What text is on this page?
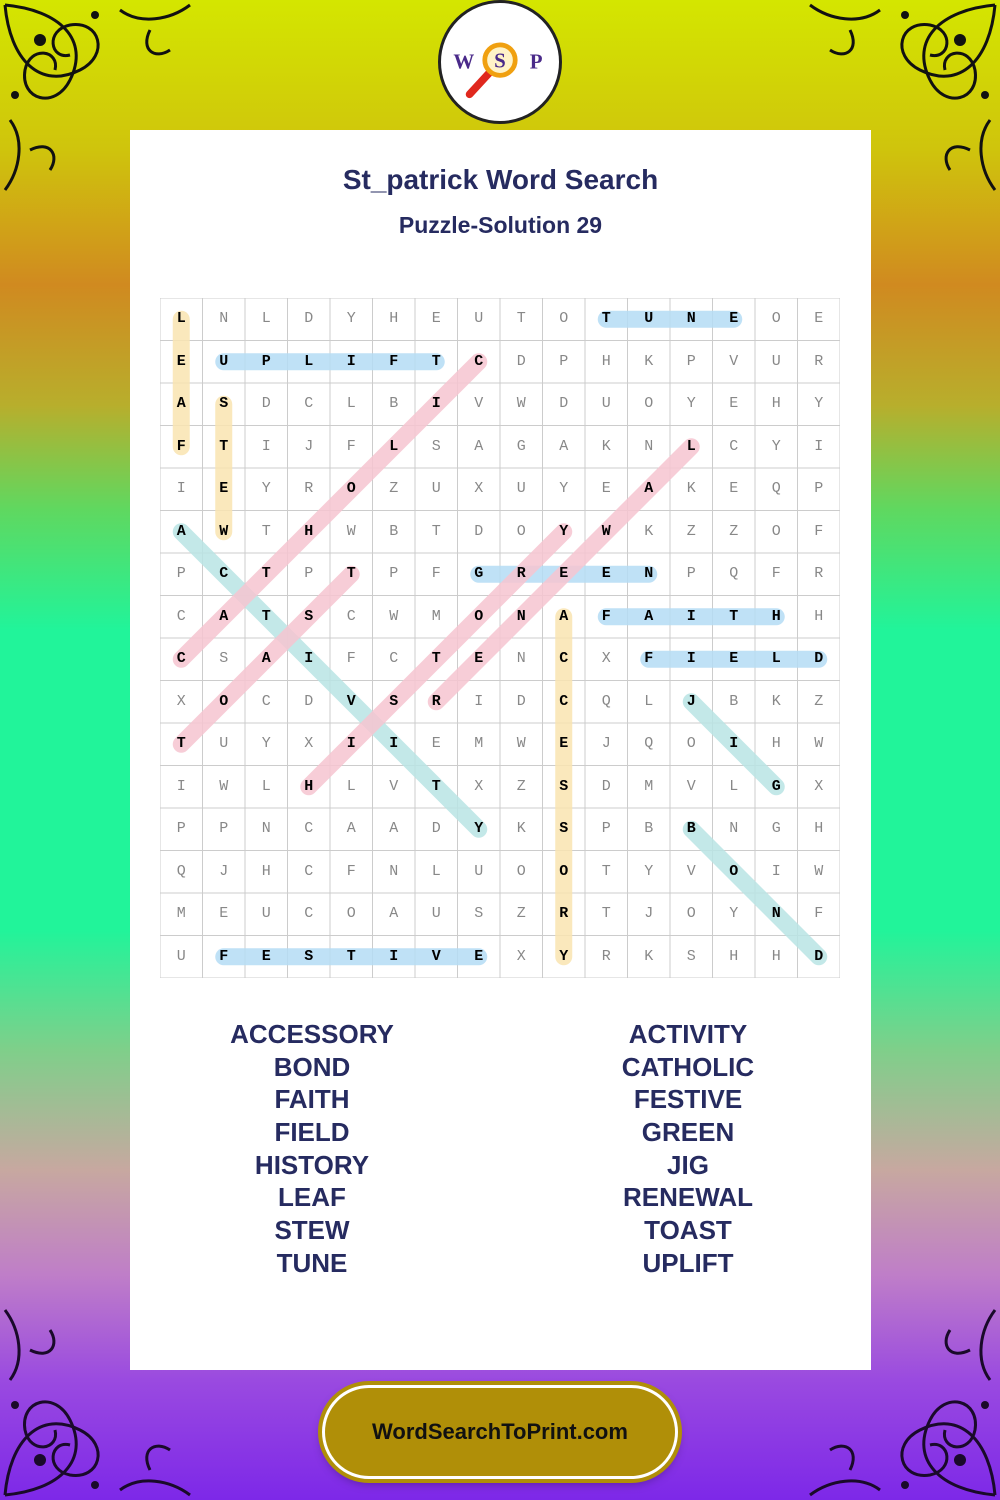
W S P
St_patrick Word Search
Puzzle-Solution 29
L	N	L	D	Y	H	E	U	T	O	T	U	N	E	O	E
E	U	P	L	I	F	T	C	D	P	H	K	P	V	U	R
A	S	D	C	L	B	I	V	W	D	U	O	Y	E	H	Y
F	T	I	J	F	L	S	A	G	A	K	N	L	C	Y	I
I	E	Y	R	O	Z	U	X	U	Y	E	A	K	E	Q	P
A	W	T	H	W	B	T	D	O	Y	W	K	Z	Z	O	F
P	C	T	P	T	P	F	G	R	E	E	N	P	Q	F	R
C	A	T	S	C	W	M	O	N	A	F	A	I	T	H	H
C	S	A	I	F	C	T	E	N	C	X	F	I	E	L	D
X	O	C	D	V	S	R	I	D	C	Q	L	J	B	K	Z
T	U	Y	X	I	I	E	M	W	E	J	Q	O	I	H	W
I	W	L	H	L	V	T	X	Z	S	D	M	V	L	G	X
P	P	N	C	A	A	D	Y	K	S	P	B	B	N	G	H
Q	J	H	C	F	N	L	U	O	O	T	Y	V	O	I	W
M	E	U	C	O	A	U	S	Z	R	T	J	O	Y	N	F
U	F	E	S	T	I	V	E	X	Y	R	K	S	H	H	D
ACCESSORY
BOND
FAITH
FIELD
HISTORY
LEAF
STEW
TUNE
ACTIVITY
CATHOLIC
FESTIVE
GREEN
JIG
RENEWAL
TOAST
UPLIFT
WordSearchToPrint.com
